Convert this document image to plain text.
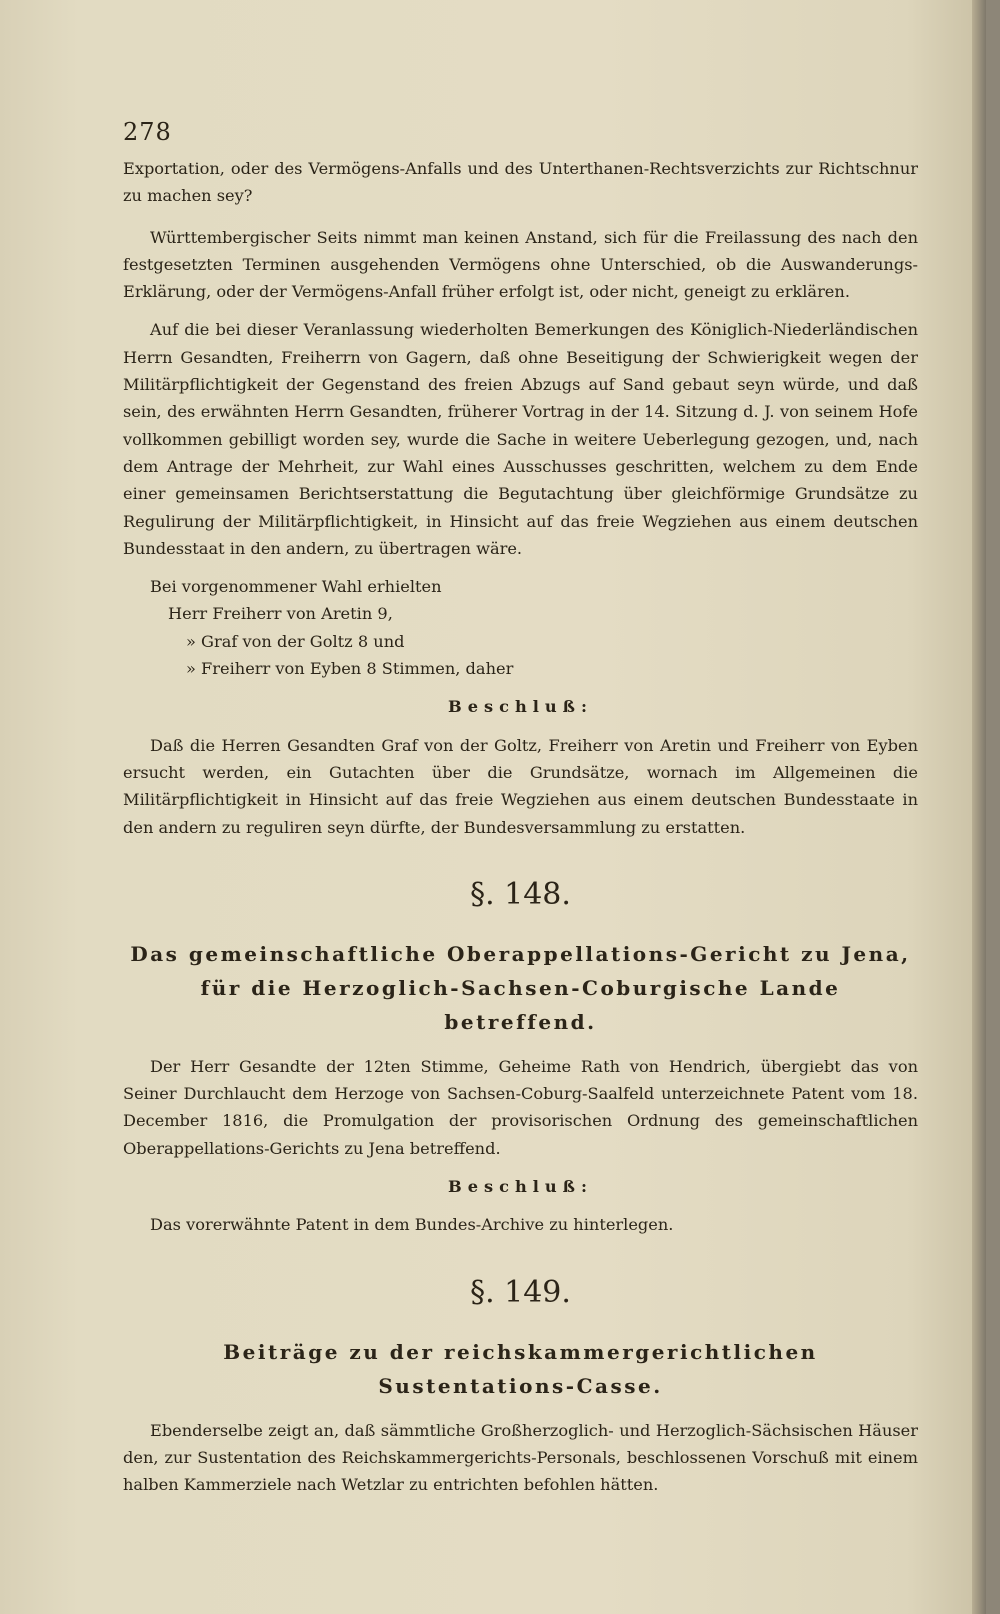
278

Exportation, oder des Vermögens-Anfalls und des Unterthanen-Rechtsverzichts zur Richtschnur zu machen sey?

Württembergischer Seits nimmt man keinen Anstand, sich für die Freilassung des nach den festgesetzten Terminen ausgehenden Vermögens ohne Unterschied, ob die Auswanderungs-Erklärung, oder der Vermögens-Anfall früher erfolgt ist, oder nicht, geneigt zu erklären.

Auf die bei dieser Veranlassung wiederholten Bemerkungen des Königlich-Niederländischen Herrn Gesandten, Freiherrn von Gagern, daß ohne Beseitigung der Schwierigkeit wegen der Militärpflichtigkeit der Gegenstand des freien Abzugs auf Sand gebaut seyn würde, und daß sein, des erwähnten Herrn Gesandten, früherer Vortrag in der 14. Sitzung d. J. von seinem Hofe vollkommen gebilligt worden sey, wurde die Sache in weitere Ueberlegung gezogen, und, nach dem Antrage der Mehrheit, zur Wahl eines Ausschusses geschritten, welchem zu dem Ende einer gemeinsamen Berichtserstattung die Begutachtung über gleichförmige Grundsätze zu Regulirung der Militärpflichtigkeit, in Hinsicht auf das freie Wegziehen aus einem deutschen Bundesstaat in den andern, zu übertragen wäre.

Bei vorgenommener Wahl erhielten

Herr Freiherr von Aretin 9,

» Graf von der Goltz 8 und

» Freiherr von Eyben 8 Stimmen, daher

Beschluß:

Daß die Herren Gesandten Graf von der Goltz, Freiherr von Aretin und Freiherr von Eyben ersucht werden, ein Gutachten über die Grundsätze, wornach im Allgemeinen die Militärpflichtigkeit in Hinsicht auf das freie Wegziehen aus einem deutschen Bundesstaate in den andern zu reguliren seyn dürfte, der Bundesversammlung zu erstatten.

§. 148.

Das gemeinschaftliche Oberappellations-Gericht zu Jena, für die Herzoglich-Sachsen-Coburgische Lande betreffend.

Der Herr Gesandte der 12ten Stimme, Geheime Rath von Hendrich, übergiebt das von Seiner Durchlaucht dem Herzoge von Sachsen-Coburg-Saalfeld unterzeichnete Patent vom 18. December 1816, die Promulgation der provisorischen Ordnung des gemeinschaftlichen Oberappellations-Gerichts zu Jena betreffend.

Beschluß:

Das vorerwähnte Patent in dem Bundes-Archive zu hinterlegen.

§. 149.

Beiträge zu der reichskammergerichtlichen Sustentations-Casse.

Ebenderselbe zeigt an, daß sämmtliche Großherzoglich- und Herzoglich-Sächsischen Häuser den, zur Sustentation des Reichskammergerichts-Personals, beschlossenen Vorschuß mit einem halben Kammerziele nach Wetzlar zu entrichten befohlen hätten.
